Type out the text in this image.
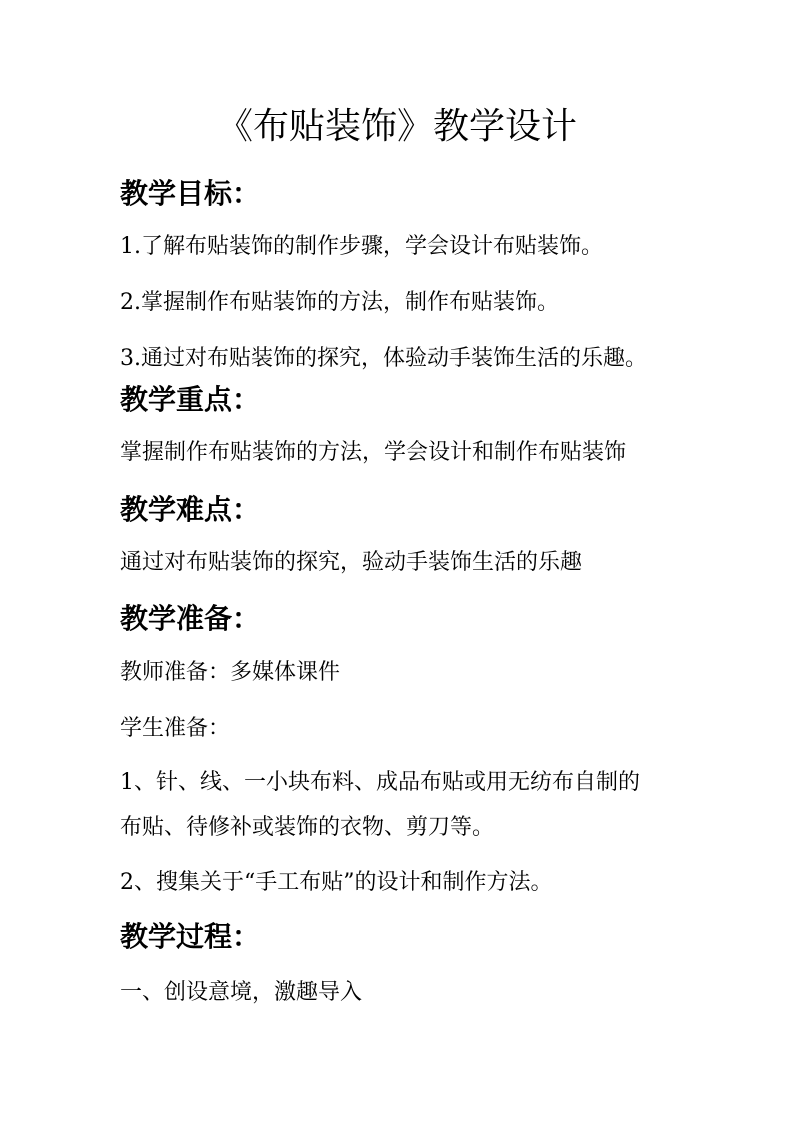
《布贴装饰》教学设计
教学目标：
1.了解布贴装饰的制作步骤，学会设计布贴装饰。
2.掌握制作布贴装饰的方法，制作布贴装饰。
3.通过对布贴装饰的探究，体验动手装饰生活的乐趣。
教学重点：
掌握制作布贴装饰的方法，学会设计和制作布贴装饰
教学难点：
通过对布贴装饰的探究，验动手装饰生活的乐趣
教学准备：
教师准备：多媒体课件
学生准备：
1、针、线、一小块布料、成品布贴或用无纺布自制的
布贴、待修补或装饰的衣物、剪刀等。
2、搜集关于“手工布贴”的设计和制作方法。
教学过程：
一、创设意境，激趣导入
